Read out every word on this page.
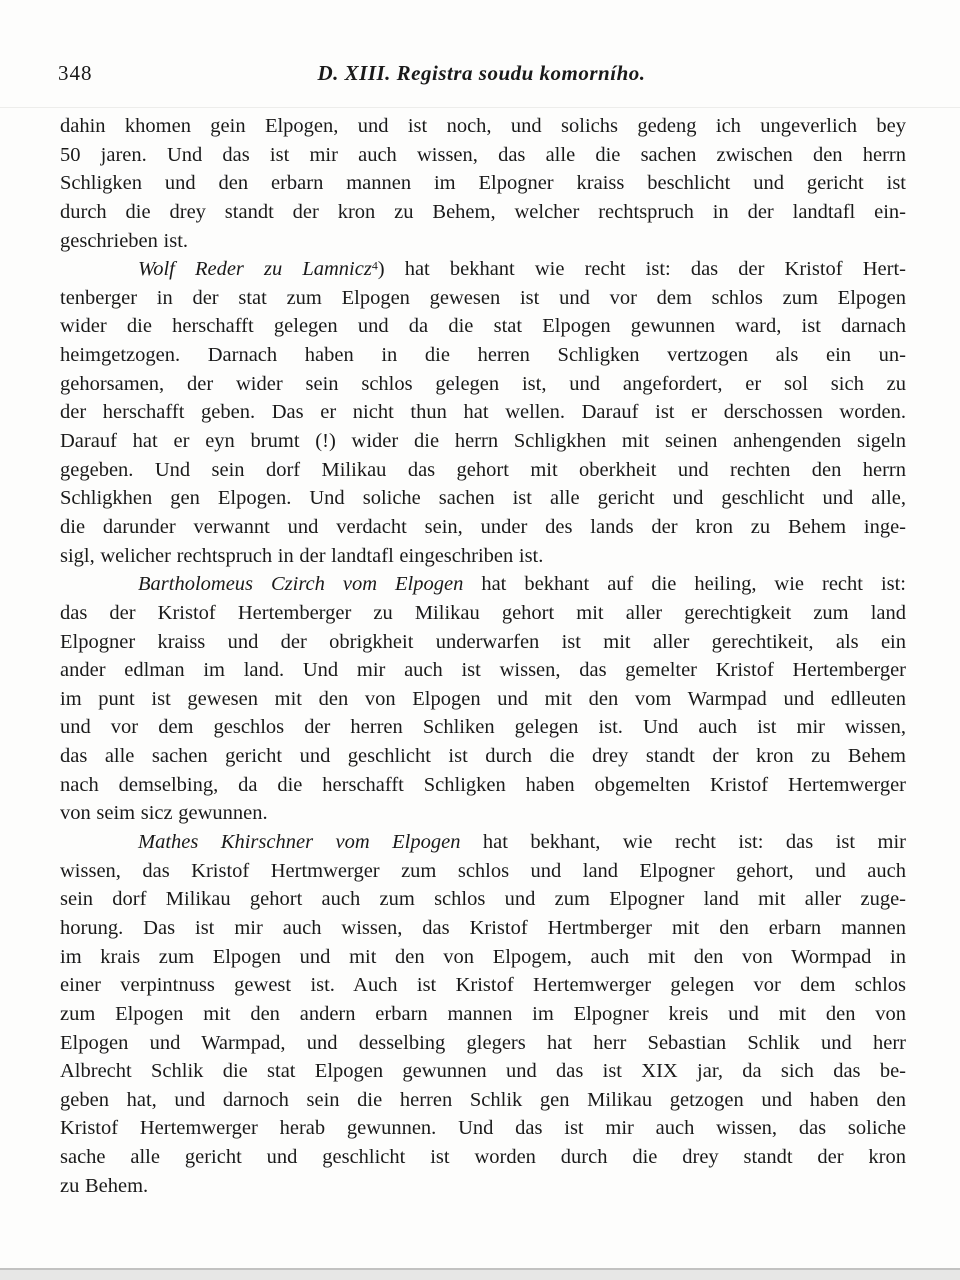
348	D. XIII. Registra soudu komorního.
dahin khomen gein Elpogen, und ist noch, und solichs gedeng ich ungeverlich bey
50 jaren. Und das ist mir auch wissen, das alle die sachen zwischen den herrn
Schligken und den erbarn mannen im Elpogner kraiss beschlicht und gericht ist
durch die drey standt der kron zu Behem, welcher rechtspruch in der landtafl ein-
geschrieben ist.
Wolf Reder zu Lamnicz$^4$) hat bekhant wie recht ist: das der Kristof Hert-
tenberger in der stat zum Elpogen gewesen ist und vor dem schlos zum Elpogen
wider die herschafft gelegen und da die stat Elpogen gewunnen ward, ist darnach
heimgetzogen. Darnach haben in die herren Schligken vertzogen als ein un-
gehorsamen, der wider sein schlos gelegen ist, und angefordert, er sol sich zu
der herschafft geben. Das er nicht thun hat wellen. Darauf ist er derschossen worden.
Darauf hat er eyn brumt (!) wider die herrn Schligkhen mit seinen anhengenden sigeln
gegeben. Und sein dorf Milikau das gehort mit oberkheit und rechten den herrn
Schligkhen gen Elpogen. Und soliche sachen ist alle gericht und geschlicht und alle,
die darunder verwannt und verdacht sein, under des lands der kron zu Behem inge-
sigl, welicher rechtspruch in der landtafl eingeschriben ist.
Bartholomeus Czirch vom Elpogen hat bekhant auf die heiling, wie recht ist:
das der Kristof Hertemberger zu Milikau gehort mit aller gerechtigkeit zum land
Elpogner kraiss und der obrigkheit underwarfen ist mit aller gerechtikeit, als ein
ander edlman im land. Und mir auch ist wissen, das gemelter Kristof Hertemberger
im punt ist gewesen mit den von Elpogen und mit den vom Warmpad und edlleuten
und vor dem geschlos der herren Schliken gelegen ist. Und auch ist mir wissen,
das alle sachen gericht und geschlicht ist durch die drey standt der kron zu Behem
nach demselbing, da die herschafft Schligken haben obgemelten Kristof Hertemwerger
von seim sicz gewunnen.
Mathes Khirschner vom Elpogen hat bekhant, wie recht ist: das ist mir
wissen, das Kristof Hertmwerger zum schlos und land Elpogner gehort, und auch
sein dorf Milikau gehort auch zum schlos und zum Elpogner land mit aller zuge-
horung. Das ist mir auch wissen, das Kristof Hertmberger mit den erbarn mannen
im krais zum Elpogen und mit den von Elpogem, auch mit den von Wormpad in
einer verpintnuss gewest ist. Auch ist Kristof Hertemwerger gelegen vor dem schlos
zum Elpogen mit den andern erbarn mannen im Elpogner kreis und mit den von
Elpogen und Warmpad, und desselbing glegers hat herr Sebastian Schlik und herr
Albrecht Schlik die stat Elpogen gewunnen und das ist XIX jar, da sich das be-
geben hat, und darnoch sein die herren Schlik gen Milikau getzogen und haben den
Kristof Hertemwerger herab gewunnen. Und das ist mir auch wissen, das soliche
sache alle gericht und geschlicht ist worden durch die drey standt der kron
zu Behem.
